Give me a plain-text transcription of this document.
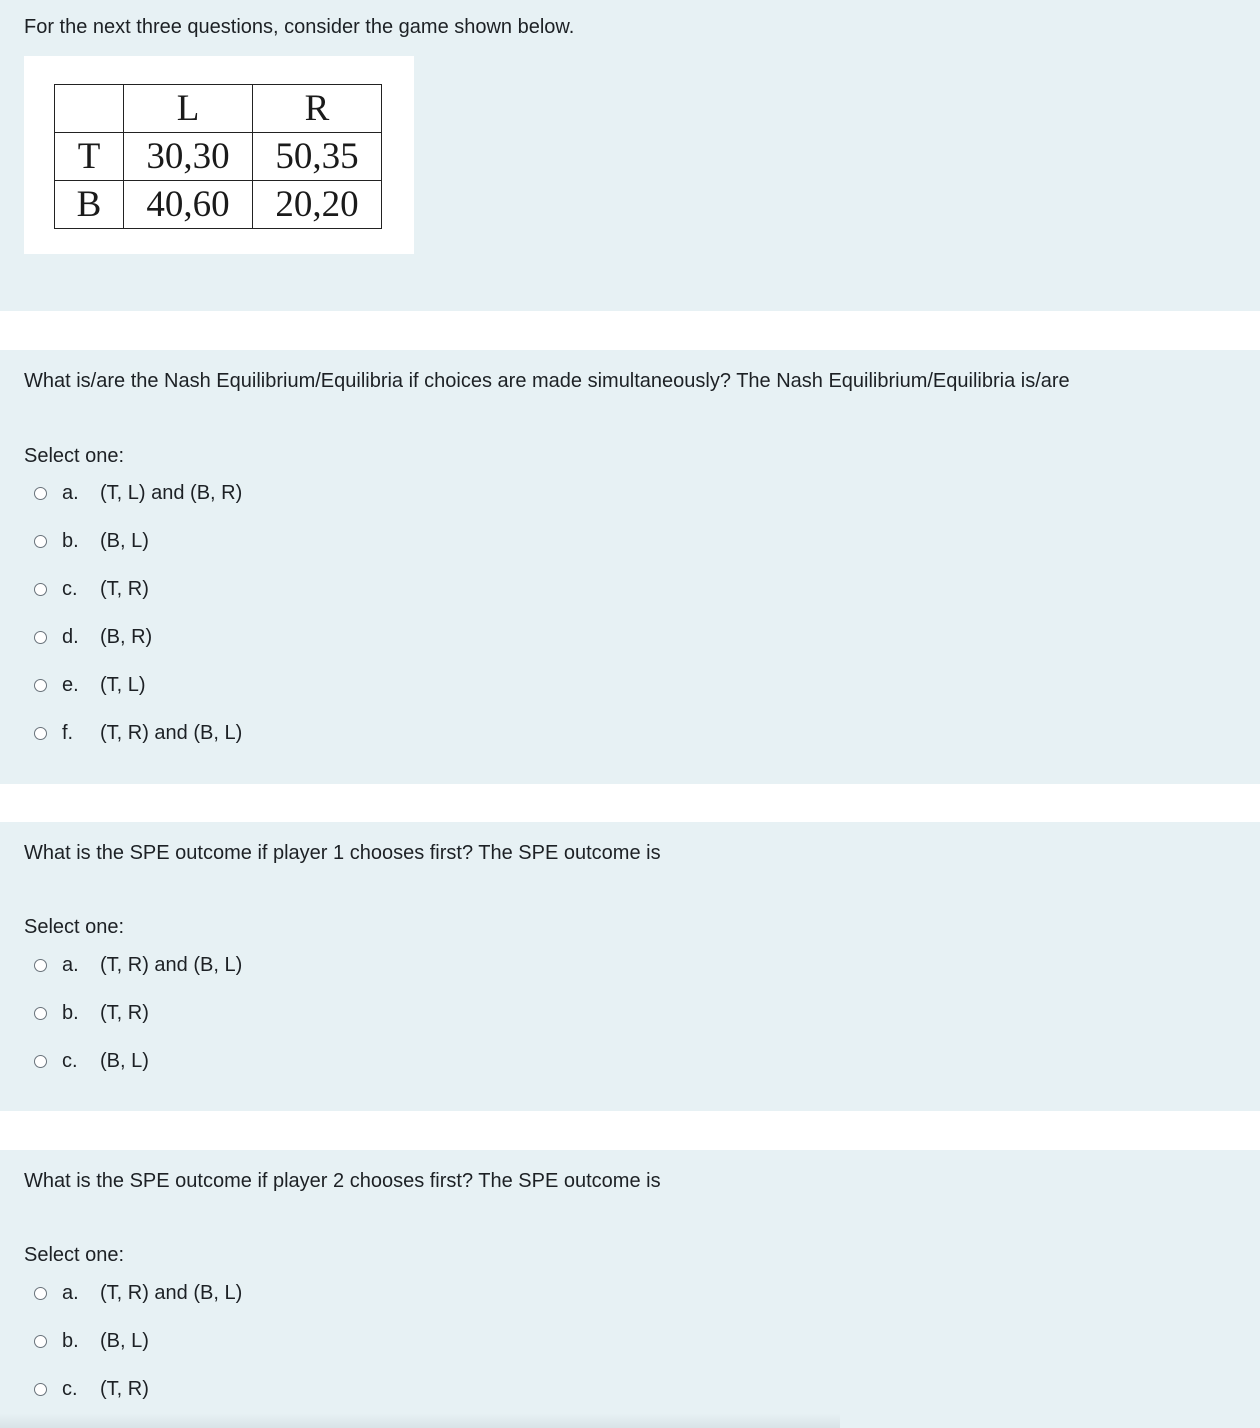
For the next three questions, consider the game shown below.
	L	R
T	30,30	50,35
B	40,60	20,20
What is/are the Nash Equilibrium/Equilibria if choices are made simultaneously? The Nash Equilibrium/Equilibria is/are
Select one:
a.	(T, L) and (B, R)
b.	(B, L)
c.	(T, R)
d.	(B, R)
e.	(T, L)
f.	(T, R) and (B, L)
What is the SPE outcome if player 1 chooses first? The SPE outcome is
Select one:
a.	(T, R) and (B, L)
b.	(T, R)
c.	(B, L)
What is the SPE outcome if player 2 chooses first? The SPE outcome is
Select one:
a.	(T, R) and (B, L)
b.	(B, L)
c.	(T, R)
